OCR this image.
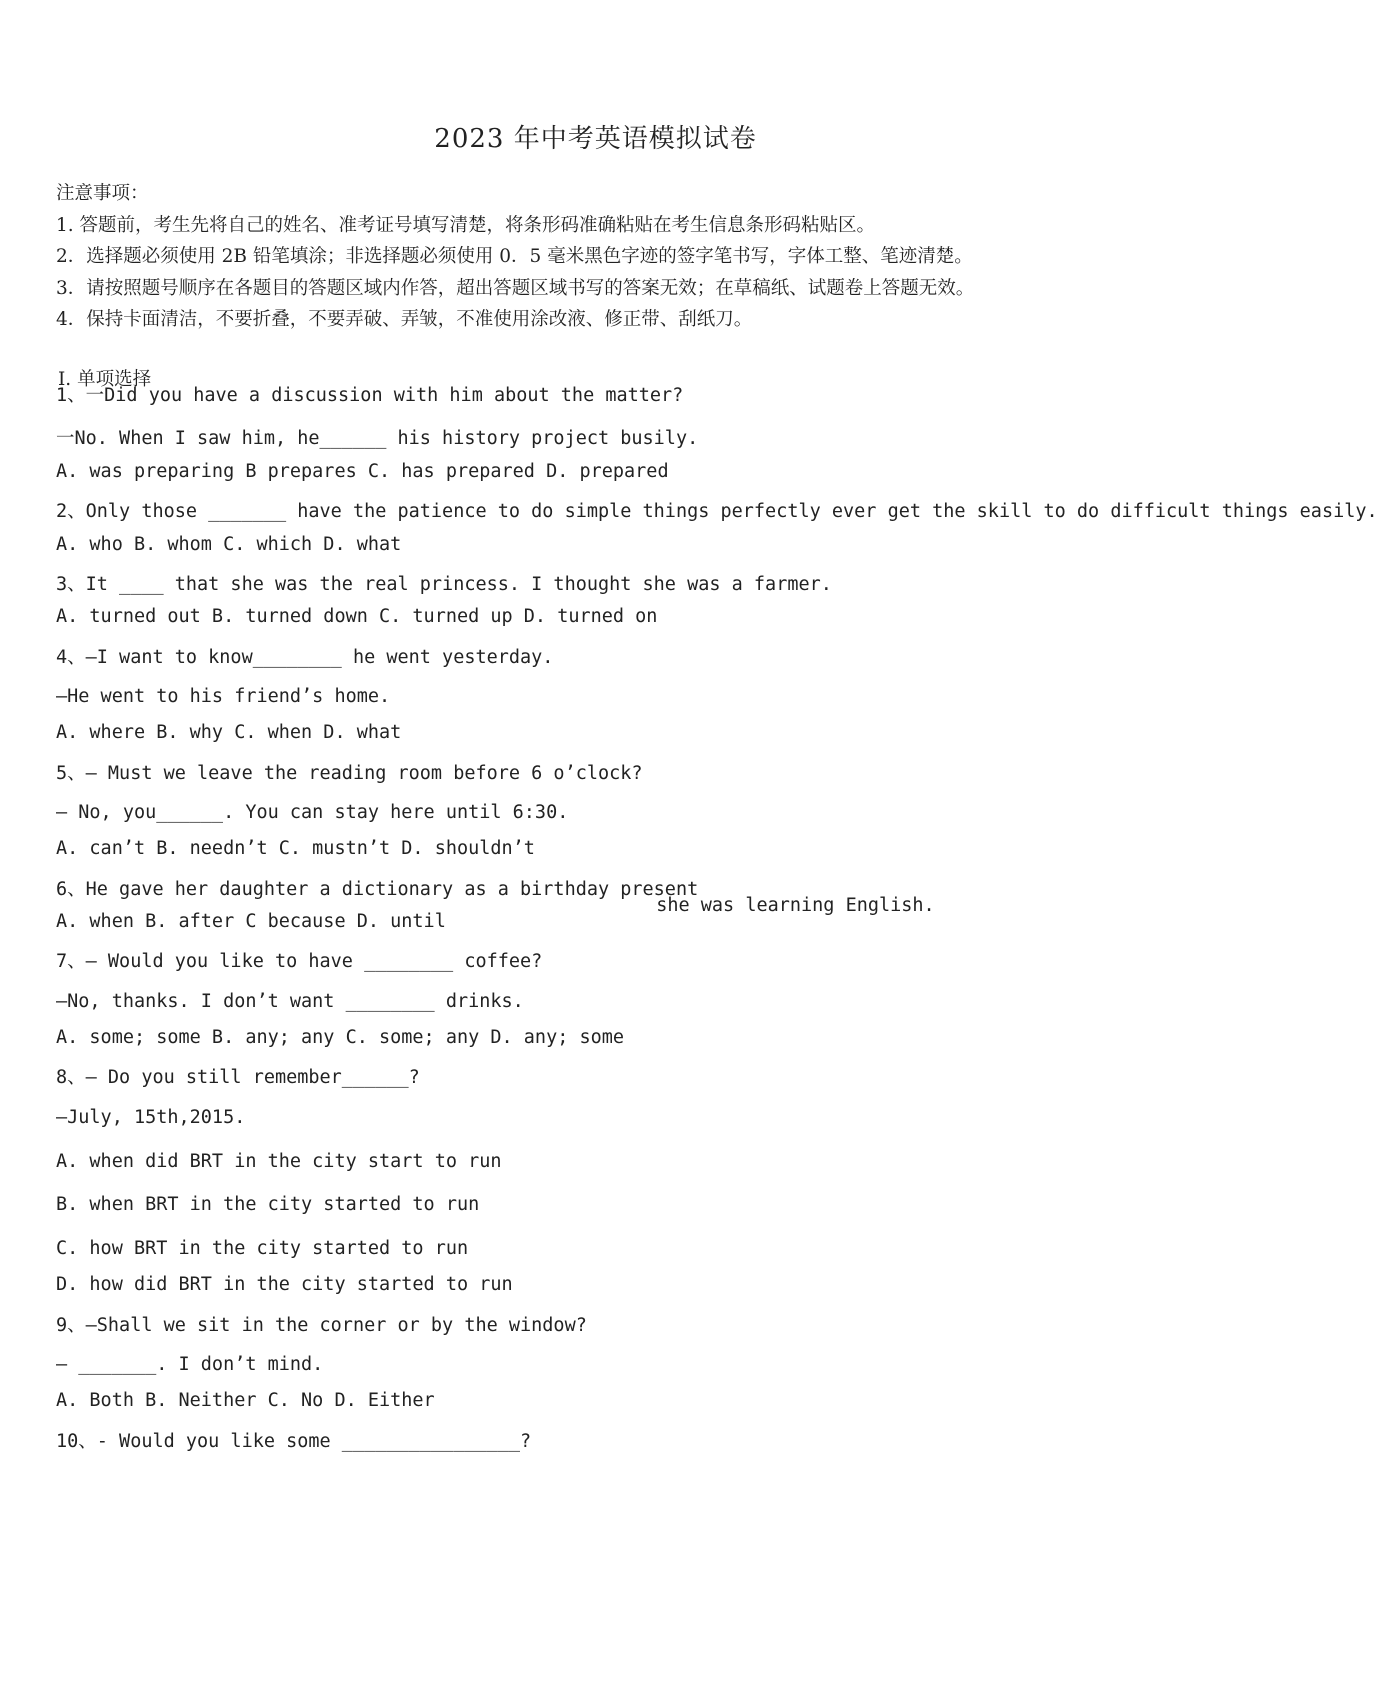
2023 年中考英语模拟试卷
注意事项：
1. 答题前，考生先将自己的姓名、准考证号填写清楚，将条形码准确粘贴在考生信息条形码粘贴区。
2．选择题必须使用 2B 铅笔填涂；非选择题必须使用 0．5 毫米黑色字迹的签字笔书写，字体工整、笔迹清楚。
3．请按照题号顺序在各题目的答题区域内作答，超出答题区域书写的答案无效；在草稿纸、试题卷上答题无效。
4．保持卡面清洁，不要折叠，不要弄破、弄皱，不准使用涂改液、修正带、刮纸刀。
Ⅰ. 单项选择
1、一Did you have a discussion with him about the matter?
一No. When I saw him, he______ his history project busily.
A. was preparing B prepares C. has prepared D. prepared
2、Only those _______ have the patience to do simple things perfectly ever get the skill to do difficult things easily.
A. who B. whom C. which D. what
3、It ____ that she was the real princess. I thought she was a farmer.
A. turned out B. turned down C. turned up D. turned on
4、—I want to know________ he went yesterday.
—He went to his friend’s home.
A. where B. why C. when D. what
5、— Must we leave the reading room before 6 o’clock?
— No, you______. You can stay here until 6:30.
A. can’t B. needn’t C. mustn’t D. shouldn’t
6、He gave her daughter a dictionary as a birthday present
she was learning English.
A. when B. after C because D. until
7、— Would you like to have ________ coffee?
—No, thanks. I don’t want ________ drinks.
A. some; some B. any; any C. some; any D. any; some
8、— Do you still remember______?
—July, 15th,2015.
A. when did BRT in the city start to run
B. when BRT in the city started to run
C. how BRT in the city started to run
D. how did BRT in the city started to run
9、—Shall we sit in the corner or by the window?
— _______. I don’t mind.
A. Both B. Neither C. No D. Either
10、- Would you like some ________________?
